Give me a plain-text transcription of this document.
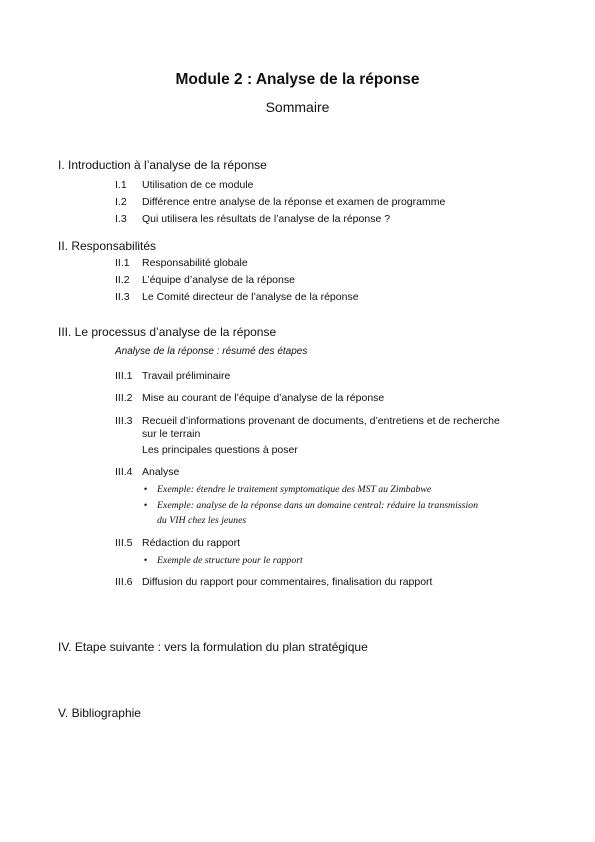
Module 2 : Analyse de la réponse
Sommaire
I. Introduction à l’analyse de la réponse
I.1 Utilisation de ce module
I.2 Différence entre analyse de la réponse et examen de programme
I.3 Qui utilisera les résultats de l’analyse de la réponse ?
II. Responsabilités
II.1 Responsabilité globale
II.2 L’équipe d’analyse de la réponse
II.3 Le Comité directeur de l’analyse de la réponse
III. Le processus d’analyse de la réponse
Analyse de la réponse : résumé des étapes
III.1 Travail préliminaire
III.2 Mise au courant de l’équipe d’analyse de la réponse
III.3 Recueil d’informations provenant de documents, d’entretiens et de recherche
sur le terrain
Les principales questions à poser
III.4 Analyse
• Exemple: étendre le traitement symptomatique des MST au Zimbabwe
• Exemple: analyse de la réponse dans un domaine central: réduire la transmission
du VIH chez les jeunes
III.5 Rédaction du rapport
• Exemple de structure pour le rapport
III.6 Diffusion du rapport pour commentaires, finalisation du rapport
IV. Etape suivante : vers la formulation du plan stratégique
V. Bibliographie
